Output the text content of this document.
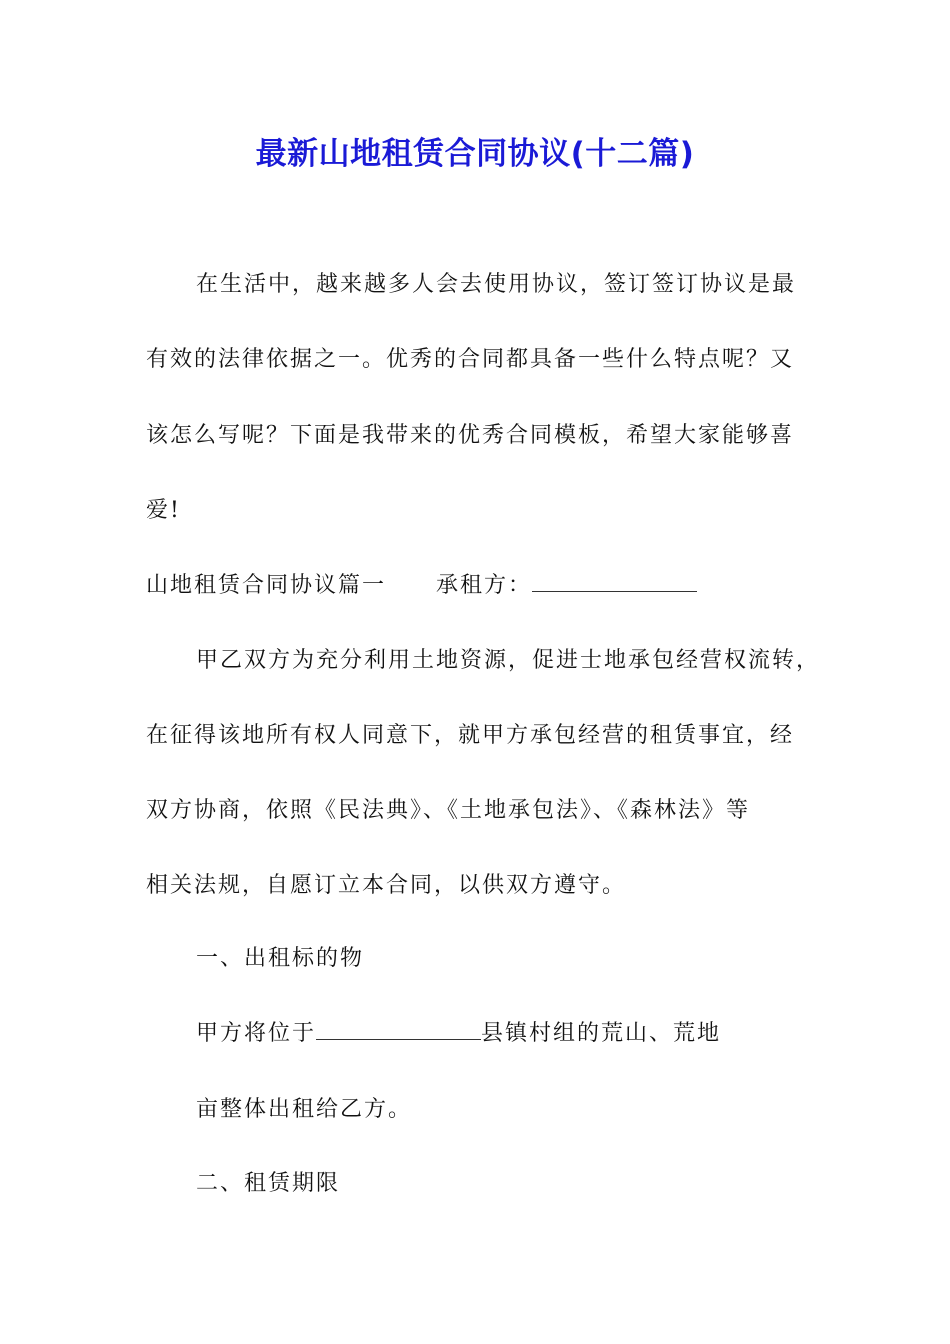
最新山地租赁合同协议(十二篇)
在生活中，越来越多人会去使用协议，签订签订协议是最
有效的法律依据之一。优秀的合同都具备一些什么特点呢？又
该怎么写呢？下面是我带来的优秀合同模板，希望大家能够喜
爱!
山地租赁合同协议篇一 承租方：
甲乙双方为充分利用土地资源，促进士地承包经营权流转，
在征得该地所有权人同意下，就甲方承包经营的租赁事宜，经
双方协商，依照《民法典》、《土地承包法》、《森林法》等
相关法规，自愿订立本合同，以供双方遵守。
一、出租标的物
甲方将位于	县镇村组的荒山、荒地
亩整体出租给乙方。
二、租赁期限
